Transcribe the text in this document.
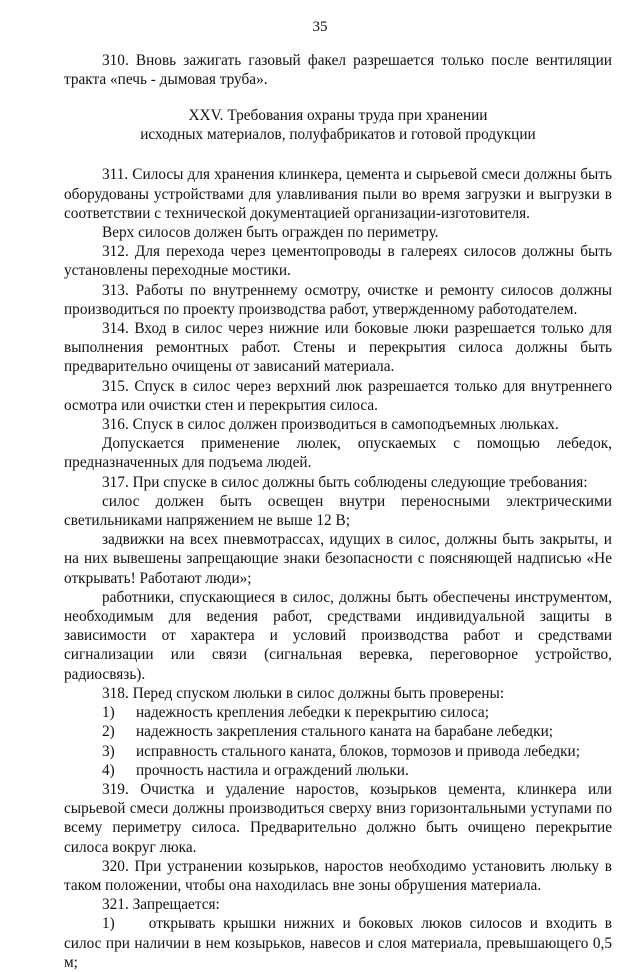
35

310. Вновь зажигать газовый факел разрешается только после вентиляции тракта «печь - дымовая труба».

XXV. Требования охраны труда при хранении
исходных материалов, полуфабрикатов и готовой продукции

311. Силосы для хранения клинкера, цемента и сырьевой смеси должны быть оборудованы устройствами для улавливания пыли во время загрузки и выгрузки в соответствии с технической документацией организации-изготовителя.

Верх силосов должен быть огражден по периметру.

312. Для перехода через цементопроводы в галереях силосов должны быть установлены переходные мостики.

313. Работы по внутреннему осмотру, очистке и ремонту силосов должны производиться по проекту производства работ, утвержденному работодателем.

314. Вход в силос через нижние или боковые люки разрешается только для выполнения ремонтных работ. Стены и перекрытия силоса должны быть предварительно очищены от зависаний материала.

315. Спуск в силос через верхний люк разрешается только для внутреннего осмотра или очистки стен и перекрытия силоса.

316. Спуск в силос должен производиться в самоподъемных люльках.

Допускается применение люлек, опускаемых с помощью лебедок, предназначенных для подъема людей.

317. При спуске в силос должны быть соблюдены следующие требования:

силос должен быть освещен внутри переносными электрическими светильниками напряжением не выше 12 В;

задвижки на всех пневмотрассах, идущих в силос, должны быть закрыты, и на них вывешены запрещающие знаки безопасности с поясняющей надписью «Не открывать! Работают люди»;

работники, спускающиеся в силос, должны быть обеспечены инструментом, необходимым для ведения работ, средствами индивидуальной защиты в зависимости от характера и условий производства работ и средствами сигнализации или связи (сигнальная веревка, переговорное устройство, радиосвязь).

318. Перед спуском люльки в силос должны быть проверены:

1)	надежность крепления лебедки к перекрытию силоса;
2)	надежность закрепления стального каната на барабане лебедки;
3)	исправность стального каната, блоков, тормозов и привода лебедки;
4)	прочность настила и ограждений люльки.

319. Очистка и удаление наростов, козырьков цемента, клинкера или сырьевой смеси должны производиться сверху вниз горизонтальными уступами по всему периметру силоса. Предварительно должно быть очищено перекрытие силоса вокруг люка.

320. При устранении козырьков, наростов необходимо установить люльку в таком положении, чтобы она находилась вне зоны обрушения материала.

321. Запрещается:

1) открывать крышки нижних и боковых люков силосов и входить в силос при наличии в нем козырьков, навесов и слоя материала, превышающего 0,5 м;
